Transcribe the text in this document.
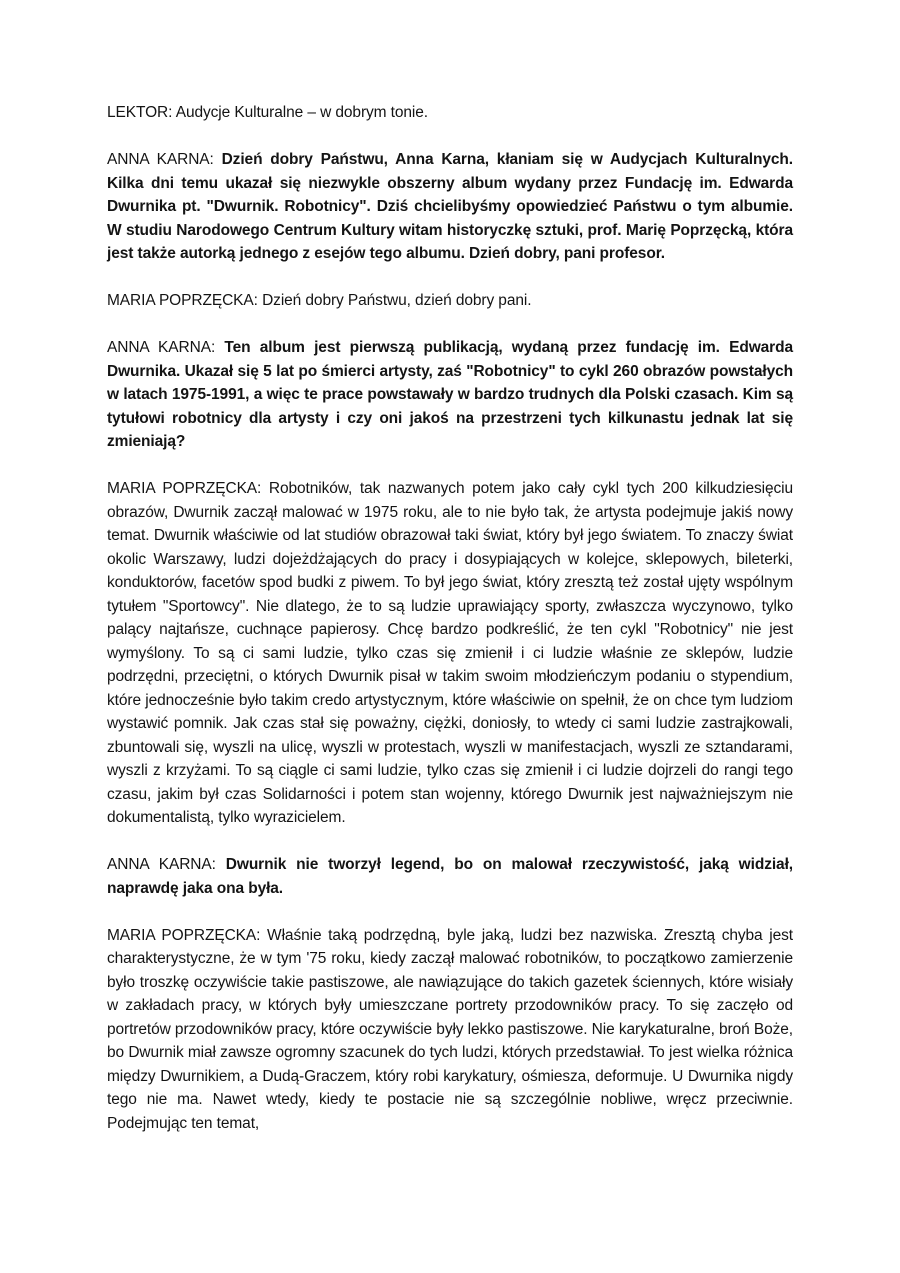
LEKTOR: Audycje Kulturalne – w dobrym tonie.

ANNA KARNA: Dzień dobry Państwu, Anna Karna, kłaniam się w Audycjach Kulturalnych. Kilka dni temu ukazał się niezwykle obszerny album wydany przez Fundację im. Edwarda Dwurnika pt. "Dwurnik. Robotnicy". Dziś chcielibyśmy opowiedzieć Państwu o tym albumie. W studiu Narodowego Centrum Kultury witam historyczkę sztuki, prof. Marię Poprzęcką, która jest także autorką jednego z esejów tego albumu. Dzień dobry, pani profesor.

MARIA POPRZĘCKA: Dzień dobry Państwu, dzień dobry pani.

ANNA KARNA: Ten album jest pierwszą publikacją, wydaną przez fundację im. Edwarda Dwurnika. Ukazał się 5 lat po śmierci artysty, zaś "Robotnicy" to cykl 260 obrazów powstałych w latach 1975-1991, a więc te prace powstawały w bardzo trudnych dla Polski czasach. Kim są tytułowi robotnicy dla artysty i czy oni jakoś na przestrzeni tych kilkunastu jednak lat się zmieniają?

MARIA POPRZĘCKA: Robotników, tak nazwanych potem jako cały cykl tych 200 kilkudziesięciu obrazów, Dwurnik zaczął malować w 1975 roku, ale to nie było tak, że artysta podejmuje jakiś nowy temat. Dwurnik właściwie od lat studiów obrazował taki świat, który był jego światem. To znaczy świat okolic Warszawy, ludzi dojeżdżających do pracy i dosypiających w kolejce, sklepowych, bileterki, konduktorów, facetów spod budki z piwem. To był jego świat, który zresztą też został ujęty wspólnym tytułem "Sportowcy". Nie dlatego, że to są ludzie uprawiający sporty, zwłaszcza wyczynowo, tylko palący najtańsze, cuchnące papierosy. Chcę bardzo podkreślić, że ten cykl "Robotnicy" nie jest wymyślony. To są ci sami ludzie, tylko czas się zmienił i ci ludzie właśnie ze sklepów, ludzie podrzędni, przeciętni, o których Dwurnik pisał w takim swoim młodzieńczym podaniu o stypendium, które jednocześnie było takim credo artystycznym, które właściwie on spełnił, że on chce tym ludziom wystawić pomnik. Jak czas stał się poważny, ciężki, doniosły, to wtedy ci sami ludzie zastrajkowali, zbuntowali się, wyszli na ulicę, wyszli w protestach, wyszli w manifestacjach, wyszli ze sztandarami, wyszli z krzyżami. To są ciągle ci sami ludzie, tylko czas się zmienił i ci ludzie dojrzeli do rangi tego czasu, jakim był czas Solidarności i potem stan wojenny, którego Dwurnik jest najważniejszym nie dokumentalistą, tylko wyrazicielem.

ANNA KARNA: Dwurnik nie tworzył legend, bo on malował rzeczywistość, jaką widział, naprawdę jaka ona była.

MARIA POPRZĘCKA: Właśnie taką podrzędną, byle jaką, ludzi bez nazwiska. Zresztą chyba jest charakterystyczne, że w tym '75 roku, kiedy zaczął malować robotników, to początkowo zamierzenie było troszkę oczywiście takie pastiszowe, ale nawiązujące do takich gazetek ściennych, które wisiały w zakładach pracy, w których były umieszczane portrety przodowników pracy. To się zaczęło od portretów przodowników pracy, które oczywiście były lekko pastiszowe. Nie karykaturalne, broń Boże, bo Dwurnik miał zawsze ogromny szacunek do tych ludzi, których przedstawiał. To jest wielka różnica między Dwurnikiem, a Dudą-Graczem, który robi karykatury, ośmiesza, deformuje. U Dwurnika nigdy tego nie ma. Nawet wtedy, kiedy te postacie nie są szczególnie nobliwe, wręcz przeciwnie. Podejmując ten temat,
